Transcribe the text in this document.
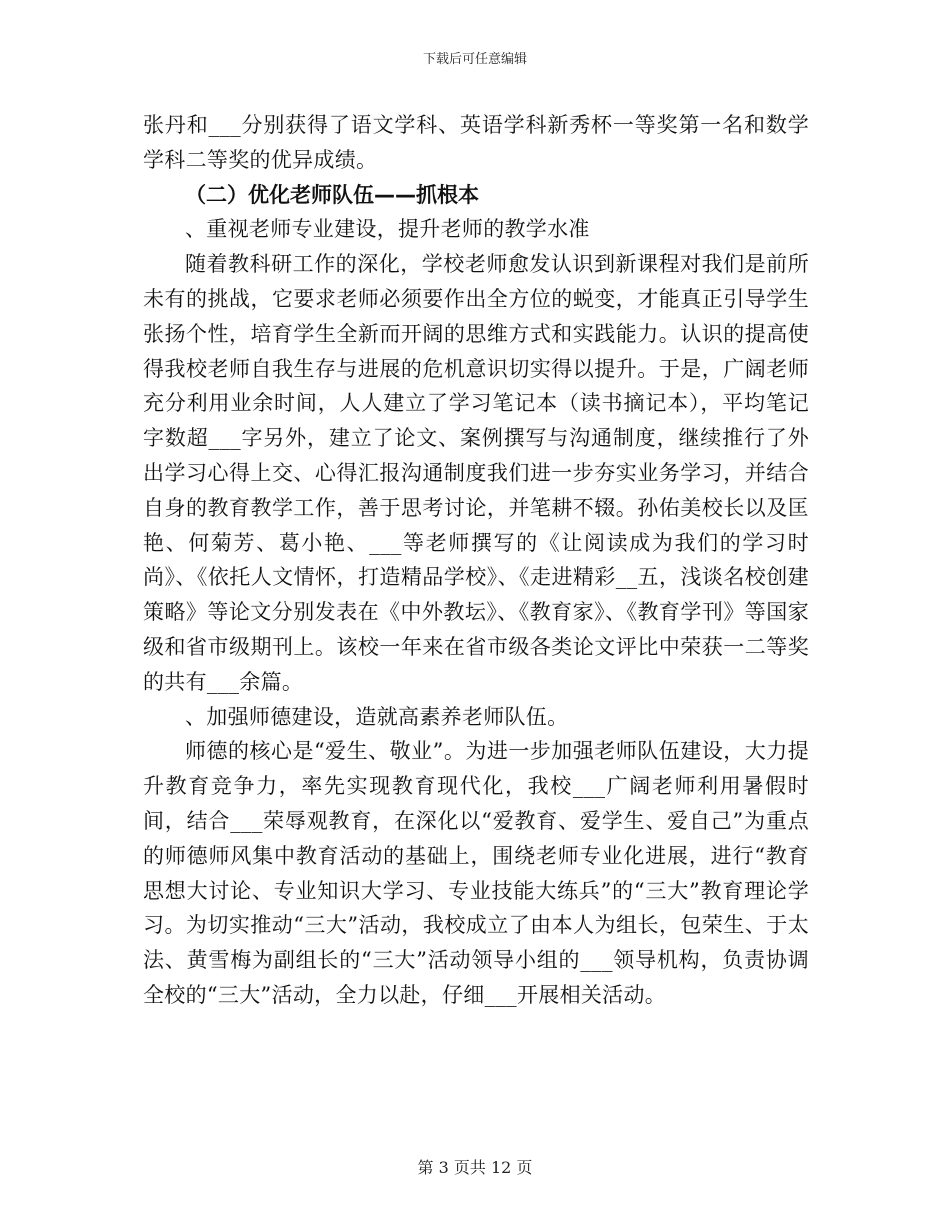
下载后可任意编辑

张丹和___分别获得了语文学科、英语学科新秀杯一等奖第一名和数学学科二等奖的优异成绩。

（二）优化老师队伍——抓根本

、重视老师专业建设，提升老师的教学水准

随着教科研工作的深化，学校老师愈发认识到新课程对我们是前所未有的挑战，它要求老师必须要作出全方位的蜕变，才能真正引导学生张扬个性，培育学生全新而开阔的思维方式和实践能力。认识的提高使得我校老师自我生存与进展的危机意识切实得以提升。于是，广阔老师充分利用业余时间，人人建立了学习笔记本（读书摘记本），平均笔记字数超___字另外，建立了论文、案例撰写与沟通制度，继续推行了外出学习心得上交、心得汇报沟通制度我们进一步夯实业务学习，并结合自身的教育教学工作，善于思考讨论，并笔耕不辍。孙佑美校长以及匡艳、何菊芳、葛小艳、___等老师撰写的《让阅读成为我们的学习时尚》、《依托人文情怀，打造精品学校》、《走进精彩__五，浅谈名校创建策略》等论文分别发表在《中外教坛》、《教育家》、《教育学刊》等国家级和省市级期刊上。该校一年来在省市级各类论文评比中荣获一二等奖的共有___余篇。

、加强师德建设，造就高素养老师队伍。

师德的核心是“爱生、敬业”。为进一步加强老师队伍建设，大力提升教育竞争力，率先实现教育现代化，我校___广阔老师利用暑假时间，结合___荣辱观教育，在深化以“爱教育、爱学生、爱自己”为重点的师德师风集中教育活动的基础上，围绕老师专业化进展，进行“教育思想大讨论、专业知识大学习、专业技能大练兵”的“三大”教育理论学习。为切实推动“三大”活动，我校成立了由本人为组长，包荣生、于太法、黄雪梅为副组长的“三大”活动领导小组的___领导机构，负责协调全校的“三大”活动，全力以赴，仔细___开展相关活动。

第 3 页共 12 页
